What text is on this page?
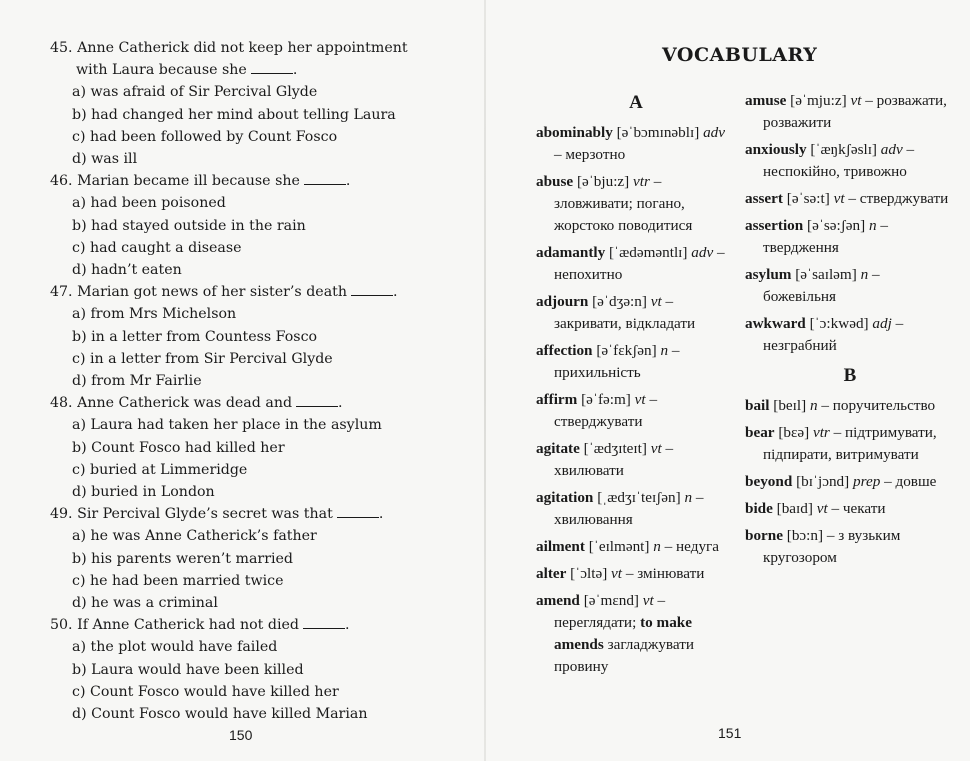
45. Anne Catherick did not keep her appointment
with Laura because she	.
a) was afraid of Sir Percival Glyde
b) had changed her mind about telling Laura
c) had been followed by Count Fosco
d) was ill
46. Marian became ill because she	.
a) had been poisoned
b) had stayed outside in the rain
c) had caught a disease
d) hadn’t eaten
47. Marian got news of her sister’s death	.
a) from Mrs Michelson
b) in a letter from Countess Fosco
c) in a letter from Sir Percival Glyde
d) from Mr Fairlie
48. Anne Catherick was dead and	.
a) Laura had taken her place in the asylum
b) Count Fosco had killed her
c) buried at Limmeridge
d) buried in London
49. Sir Percival Glyde’s secret was that	.
a) he was Anne Catherick’s father
b) his parents weren’t married
c) he had been married twice
d) he was a criminal
50. If Anne Catherick had not died	.
a) the plot would have failed
b) Laura would have been killed
c) Count Fosco would have killed her
d) Count Fosco would have killed Marian
150
VOCABULARY
A
abominably [əˈbɔmɪnəblɪ] adv – мерзотно
abuse [əˈbju:z] vtr – зловживати; погано, жорстоко поводитися
adamantly [ˈædəməntlɪ] adv – непохитно
adjourn [əˈdʒə:n] vt – закривати, відкладати
affection [əˈfɛkʃən] n – прихильність
affirm [əˈfə:m] vt – стверджувати
agitate [ˈædʒɪteɪt] vt – хвилювати
agitation [ˌædʒɪˈteɪʃən] n – хвилювання
ailment [ˈeɪlmənt] n – недуга
alter [ˈɔltə] vt – змінювати
amend [əˈmɛnd] vt – переглядати; to make amends загладжувати провину
amuse [əˈmju:z] vt – розважати, розважити
anxiously [ˈæŋkʃəslɪ] adv – неспокійно, тривожно
assert [əˈsə:t] vt – стверджувати
assertion [əˈsə:ʃən] n – твердження
asylum [əˈsaɪləm] n – божевільня
awkward [ˈɔ:kwəd] adj – незграбний
B
bail [beɪl] n – поручительство
bear [bɛə] vtr – підтримувати, підпирати, витримувати
beyond [bɪˈjɔnd] prep – довше
bide [baɪd] vt – чекати
borne [bɔ:n] – з вузьким кругозором
151
